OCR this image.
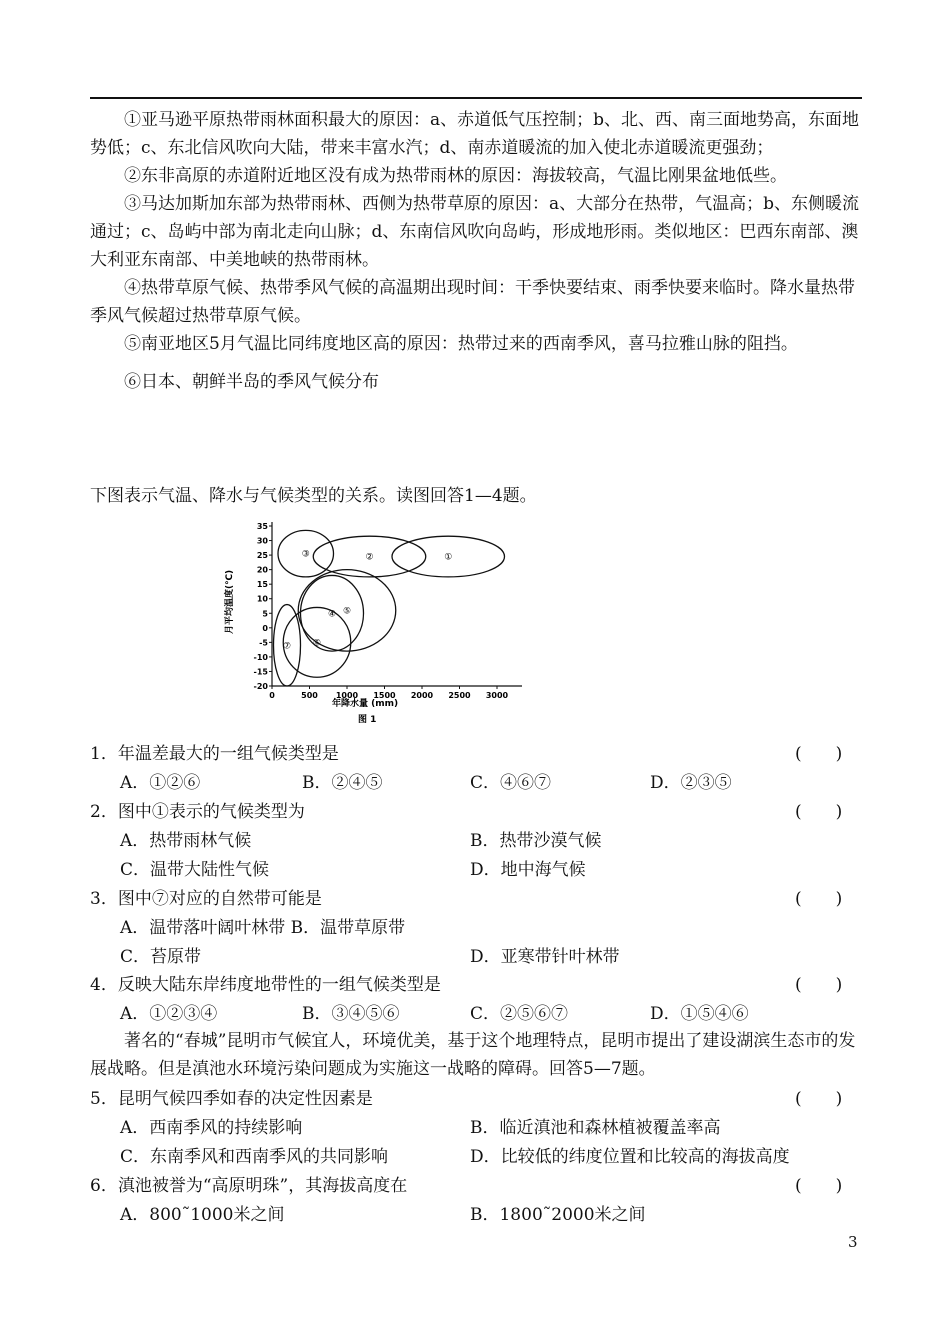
①亚马逊平原热带雨林面积最大的原因：a、赤道低气压控制；b、北、西、南三面地势高，东面地势低；c、东北信风吹向大陆，带来丰富水汽；d、南赤道暖流的加入使北赤道暖流更强劲；

②东非高原的赤道附近地区没有成为热带雨林的原因：海拔较高，气温比刚果盆地低些。

③马达加斯加东部为热带雨林、西侧为热带草原的原因：a、大部分在热带，气温高；b、东侧暖流通过；c、岛屿中部为南北走向山脉；d、东南信风吹向岛屿，形成地形雨。类似地区：巴西东南部、澳大利亚东南部、中美地峡的热带雨林。

④热带草原气候、热带季风气候的高温期出现时间：干季快要结束、雨季快要来临时。降水量热带季风气候超过热带草原气候。

⑤南亚地区5月气温比同纬度地区高的原因：热带过来的西南季风，喜马拉雅山脉的阻挡。

⑥日本、朝鲜半岛的季风气候分布

下图表示气温、降水与气候类型的关系。读图回答1—4题。
35
30
25
20
15
10
5
0
-5
-10
-15
-20
0	500 1000 1500 2000 2500 3000
①
②
③
④ ⑤
⑥
⑦
月平均温度(℃)
年降水量 (mm)
图 1
1．年温差最大的一组气候类型是	(　　)
A．①②⑥	B．②④⑤	C．④⑥⑦	D．②③⑤
2．图中①表示的气候类型为	(　　)
A．热带雨林气候	B．热带沙漠气候
C．温带大陆性气候	D．地中海气候
3．图中⑦对应的自然带可能是	(　　)
A．温带落叶阔叶林带 B．温带草原带
C．苔原带	D．亚寒带针叶林带
4．反映大陆东岸纬度地带性的一组气候类型是	(　　)
A．①②③④	B．③④⑤⑥	C．②⑤⑥⑦	D．①⑤④⑥

著名的“春城”昆明市气候宜人，环境优美，基于这个地理特点，昆明市提出了建设湖滨生态市的发展战略。但是滇池水环境污染问题成为实施这一战略的障碍。回答5—7题。

5．昆明气候四季如春的决定性因素是	(　　)
A．西南季风的持续影响	B．临近滇池和森林植被覆盖率高
C．东南季风和西南季风的共同影响	D．比较低的纬度位置和比较高的海拔高度
6．滇池被誉为“高原明珠”，其海拔高度在	(　　)
A．800˜1000米之间	B．1800˜2000米之间
3
